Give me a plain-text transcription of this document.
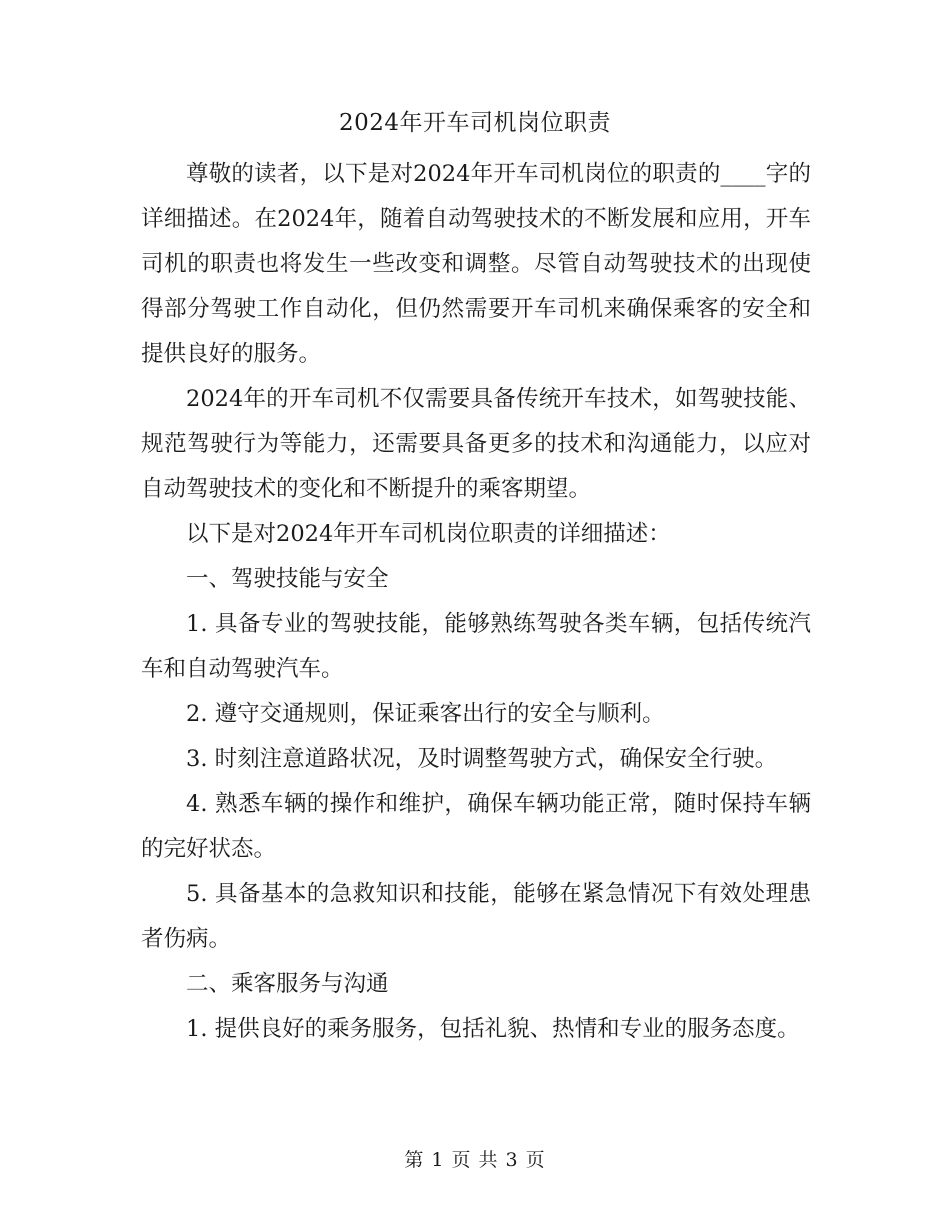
2024年开车司机岗位职责

尊敬的读者，以下是对2024年开车司机岗位的职责的____字的详细描述。在2024年，随着自动驾驶技术的不断发展和应用，开车司机的职责也将发生一些改变和调整。尽管自动驾驶技术的出现使得部分驾驶工作自动化，但仍然需要开车司机来确保乘客的安全和提供良好的服务。

2024年的开车司机不仅需要具备传统开车技术，如驾驶技能、规范驾驶行为等能力，还需要具备更多的技术和沟通能力，以应对自动驾驶技术的变化和不断提升的乘客期望。

以下是对2024年开车司机岗位职责的详细描述：

一、驾驶技能与安全

1. 具备专业的驾驶技能，能够熟练驾驶各类车辆，包括传统汽车和自动驾驶汽车。

2. 遵守交通规则，保证乘客出行的安全与顺利。

3. 时刻注意道路状况，及时调整驾驶方式，确保安全行驶。

4. 熟悉车辆的操作和维护，确保车辆功能正常，随时保持车辆的完好状态。

5. 具备基本的急救知识和技能，能够在紧急情况下有效处理患者伤病。

二、乘客服务与沟通

1. 提供良好的乘务服务，包括礼貌、热情和专业的服务态度。

第 1 页 共 3 页
